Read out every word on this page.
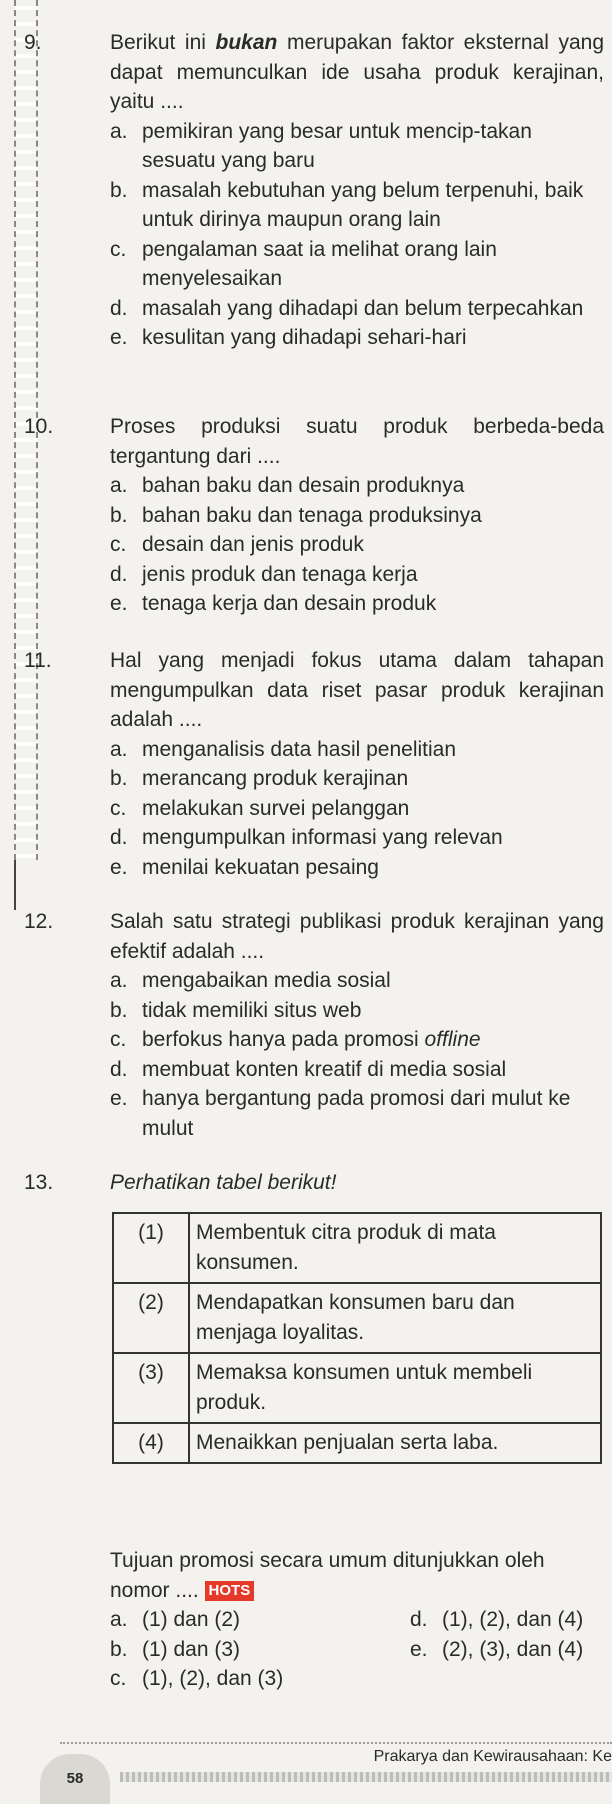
9.	Berikut ini bukan merupakan faktor eksternal yang dapat memunculkan ide usaha produk kerajinan, yaitu ....
a. pemikiran yang besar untuk mencip-takan sesuatu yang baru
b. masalah kebutuhan yang belum terpenuhi, baik untuk dirinya maupun orang lain
c. pengalaman saat ia melihat orang lain menyelesaikan
d. masalah yang dihadapi dan belum terpecahkan
e. kesulitan yang dihadapi sehari-hari
10.	Proses produksi suatu produk berbeda-beda tergantung dari ....
a. bahan baku dan desain produknya
b. bahan baku dan tenaga produksinya
c. desain dan jenis produk
d. jenis produk dan tenaga kerja
e. tenaga kerja dan desain produk
11.	Hal yang menjadi fokus utama dalam tahapan mengumpulkan data riset pasar produk kerajinan adalah ....
a. menganalisis data hasil penelitian
b. merancang produk kerajinan
c. melakukan survei pelanggan
d. mengumpulkan informasi yang relevan
e. menilai kekuatan pesaing
12.	Salah satu strategi publikasi produk kerajinan yang efektif adalah ....
a. mengabaikan media sosial
b. tidak memiliki situs web
c. berfokus hanya pada promosi offline
d. membuat konten kreatif di media sosial
e. hanya bergantung pada promosi dari mulut ke mulut
13.	Perhatikan tabel berikut!
(1)	Membentuk citra produk di mata konsumen.
(2)	Mendapatkan konsumen baru dan menjaga loyalitas.
(3)	Memaksa konsumen untuk membeli produk.
(4)	Menaikkan penjualan serta laba.
Tujuan promosi secara umum ditunjukkan oleh nomor .... HOTS
a. (1) dan (2)	d. (1), (2), dan (4)
b. (1) dan (3)	e. (2), (3), dan (4)
c. (1), (2), dan (3)
58
Prakarya dan Kewirausahaan: Ke
